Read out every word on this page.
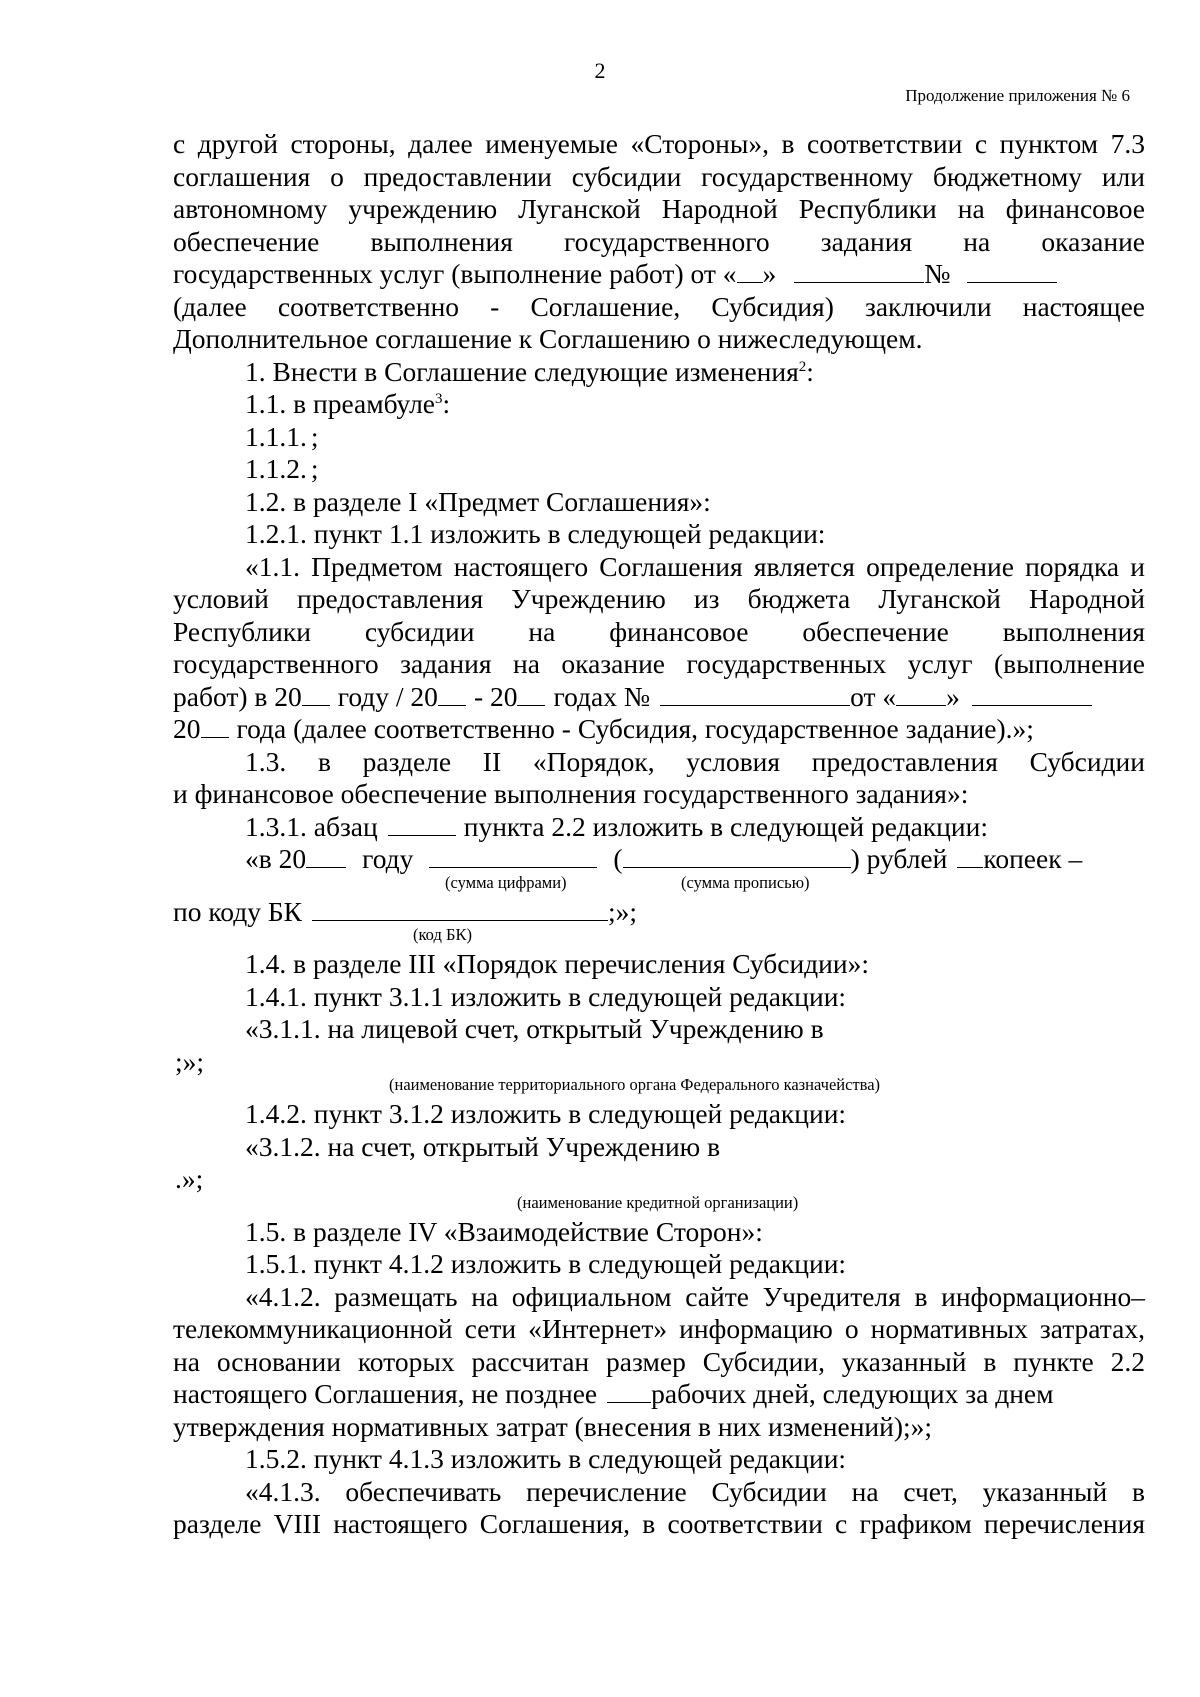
2
Продолжение приложения № 6

с другой стороны, далее именуемые «Стороны», в соответствии с пунктом 7.3

соглашения о предоставлении субсидии государственному бюджетному или

автономному учреждению Луганской Народной Республики на финансовое

обеспечение выполнения государственного задания на оказание

государственных услуг (выполнение работ) от « »	№

(далее соответственно - Соглашение, Субсидия) заключили настоящее

Дополнительное соглашение к Соглашению о нижеследующем.

1. Внести в Соглашение следующие изменения$^2$:

1.1. в преамбуле$^3$:

1.1.1. ;
1.1.2. ;

1.2. в разделе I «Предмет Соглашения»:

1.2.1. пункт 1.1 изложить в следующей редакции:

«1.1. Предметом настоящего Соглашения является определение порядка и

условий предоставления Учреждению из бюджета Луганской Народной

Республики субсидии на финансовое обеспечение выполнения

государственного задания на оказание государственных услуг (выполнение

работ) в 20 году / 20 - 20 годах №	от « »
20 года (далее соответственно - Субсидия, государственное задание).»;

1.3. в разделе II «Порядок, условия предоставления Субсидии

и финансовое обеспечение выполнения государственного задания»:

1.3.1. абзац	пункта 2.2 изложить в следующей редакции:
«в 20 году	(	) рублей копеек –
(сумма цифрами)	(сумма прописью)
по коду БК	;»;
(код БК)

1.4. в разделе III «Порядок перечисления Субсидии»:

1.4.1. пункт 3.1.1 изложить в следующей редакции:

«3.1.1. на лицевой счет, открытый Учреждению в
;»;
(наименование территориального органа Федерального казначейства)

1.4.2. пункт 3.1.2 изложить в следующей редакции:

«3.1.2. на счет, открытый Учреждению в
.»;
(наименование кредитной организации)

1.5. в разделе IV «Взаимодействие Сторон»:

1.5.1. пункт 4.1.2 изложить в следующей редакции:

«4.1.2. размещать на официальном сайте Учредителя в информационно–

телекоммуникационной сети «Интернет» информацию о нормативных затратах,

на основании которых рассчитан размер Субсидии, указанный в пункте 2.2

настоящего Соглашения, не позднее рабочих дней, следующих за днем

утверждения нормативных затрат (внесения в них изменений);»;

1.5.2. пункт 4.1.3 изложить в следующей редакции:

«4.1.3. обеспечивать перечисление Субсидии на счет, указанный в

разделе VIII настоящего Соглашения, в соответствии с графиком перечисления
